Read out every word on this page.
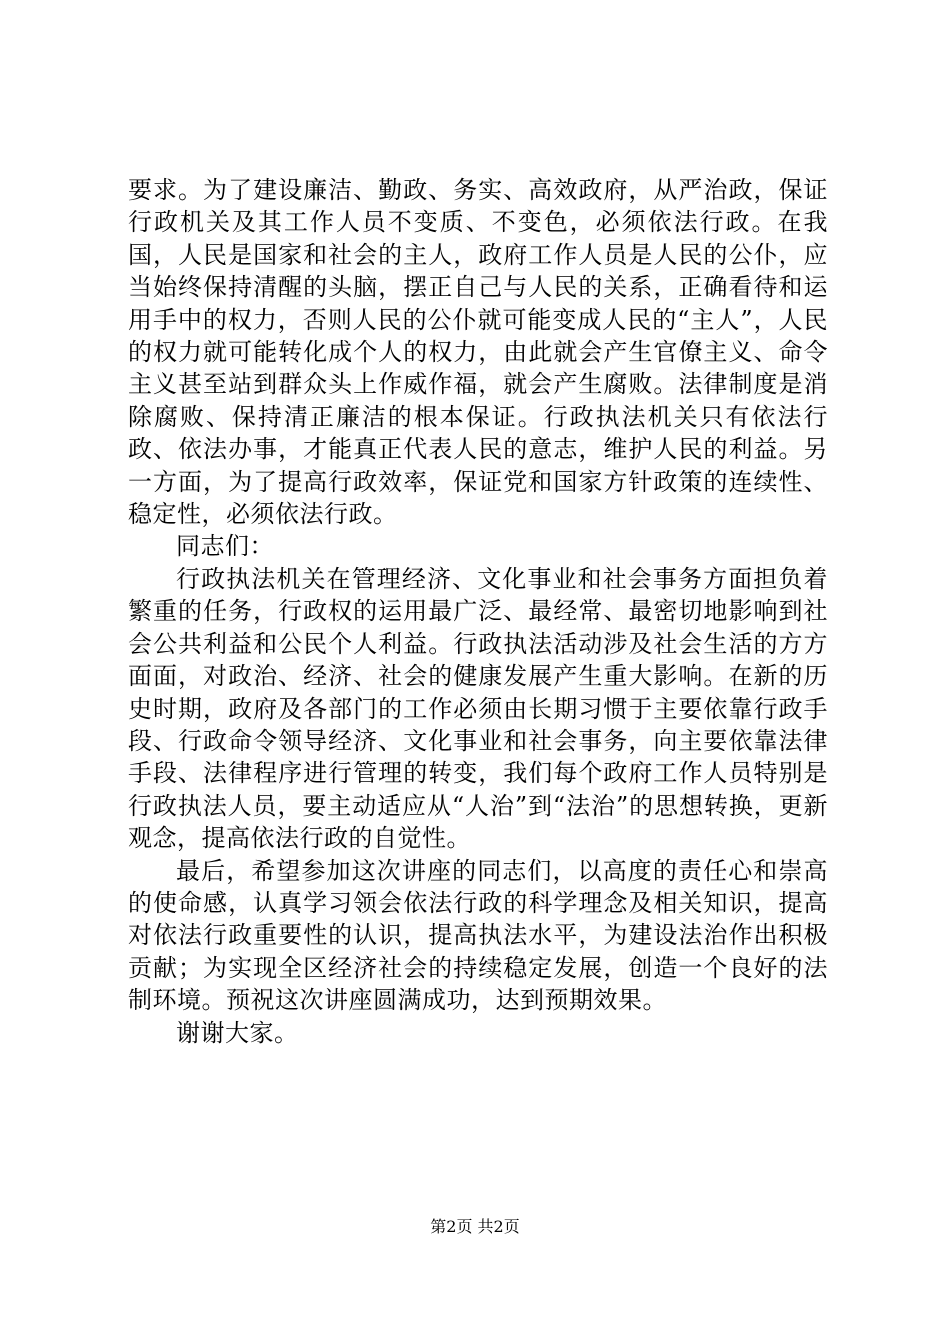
要求。为了建设廉洁、勤政、务实、高效政府，从严治政，保证行政机关及其工作人员不变质、不变色，必须依法行政。在我国，人民是国家和社会的主人，政府工作人员是人民的公仆，应当始终保持清醒的头脑，摆正自己与人民的关系，正确看待和运用手中的权力，否则人民的公仆就可能变成人民的“主人”，人民的权力就可能转化成个人的权力，由此就会产生官僚主义、命令主义甚至站到群众头上作威作福，就会产生腐败。法律制度是消除腐败、保持清正廉洁的根本保证。行政执法机关只有依法行政、依法办事，才能真正代表人民的意志，维护人民的利益。另一方面，为了提高行政效率，保证党和国家方针政策的连续性、稳定性，必须依法行政。

同志们：

行政执法机关在管理经济、文化事业和社会事务方面担负着繁重的任务，行政权的运用最广泛、最经常、最密切地影响到社会公共利益和公民个人利益。行政执法活动涉及社会生活的方方面面，对政治、经济、社会的健康发展产生重大影响。在新的历史时期，政府及各部门的工作必须由长期习惯于主要依靠行政手段、行政命令领导经济、文化事业和社会事务，向主要依靠法律手段、法律程序进行管理的转变，我们每个政府工作人员特别是行政执法人员，要主动适应从“人治”到“法治”的思想转换，更新观念，提高依法行政的自觉性。

最后，希望参加这次讲座的同志们，以高度的责任心和崇高的使命感，认真学习领会依法行政的科学理念及相关知识，提高对依法行政重要性的认识，提高执法水平，为建设法治作出积极贡献；为实现全区经济社会的持续稳定发展，创造一个良好的法制环境。预祝这次讲座圆满成功，达到预期效果。

谢谢大家。

第2页 共2页
